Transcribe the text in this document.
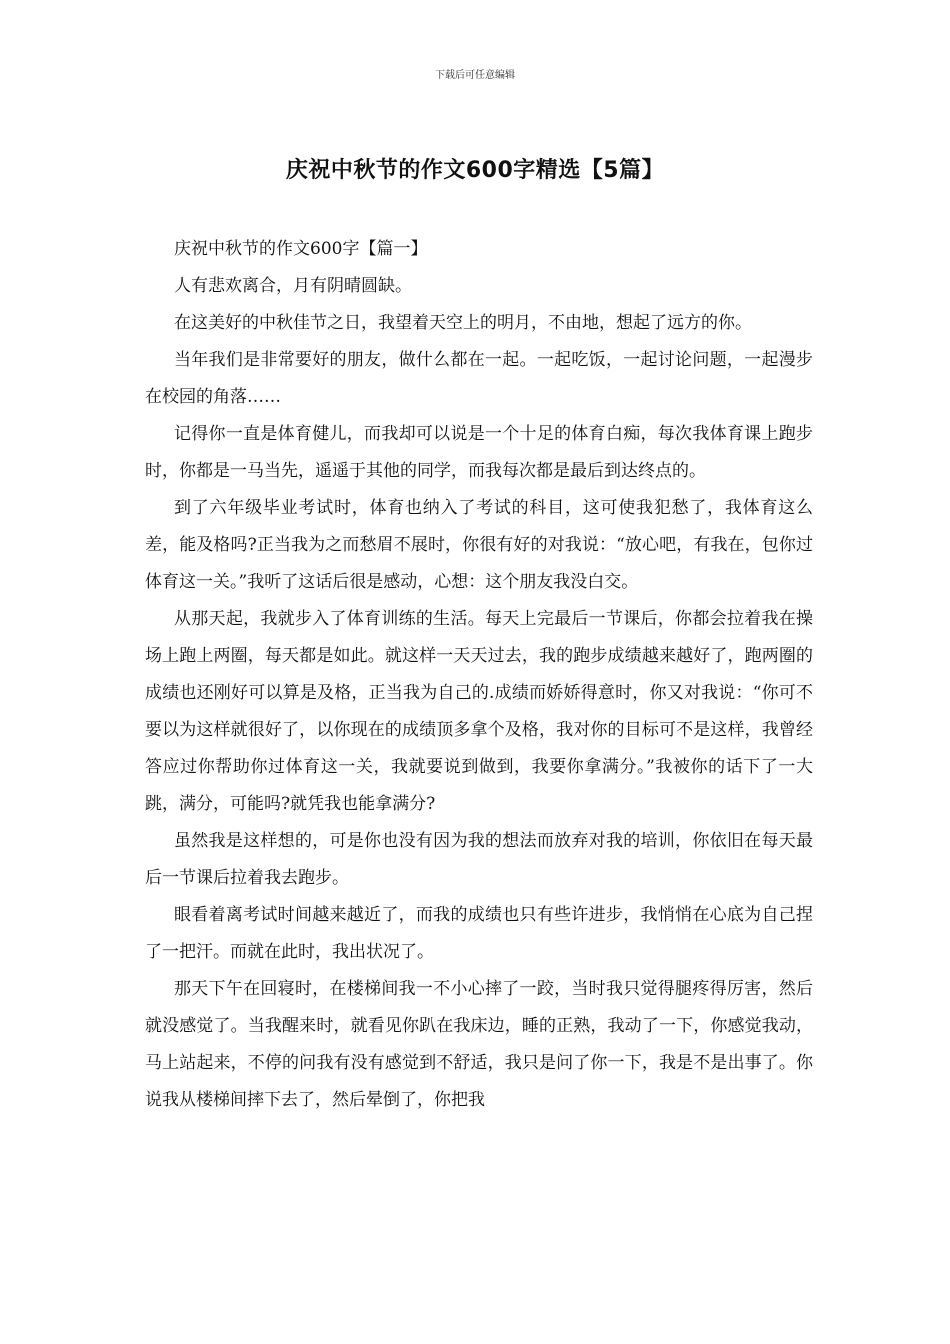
下载后可任意编辑
庆祝中秋节的作文600字精选【5篇】

庆祝中秋节的作文600字【篇一】

人有悲欢离合，月有阴晴圆缺。

在这美好的中秋佳节之日，我望着天空上的明月，不由地，想起了远方的你。

当年我们是非常要好的朋友，做什么都在一起。一起吃饭，一起讨论问题，一起漫步在校园的角落……

记得你一直是体育健儿，而我却可以说是一个十足的体育白痴，每次我体育课上跑步时，你都是一马当先，遥遥于其他的同学，而我每次都是最后到达终点的。

到了六年级毕业考试时，体育也纳入了考试的科目，这可使我犯愁了，我体育这么差，能及格吗?正当我为之而愁眉不展时，你很有好的对我说：“放心吧，有我在，包你过体育这一关。”我听了这话后很是感动，心想：这个朋友我没白交。

从那天起，我就步入了体育训练的生活。每天上完最后一节课后，你都会拉着我在操场上跑上两圈，每天都是如此。就这样一天天过去，我的跑步成绩越来越好了，跑两圈的成绩也还刚好可以算是及格，正当我为自己的.成绩而娇娇得意时，你又对我说：“你可不要以为这样就很好了，以你现在的成绩顶多拿个及格，我对你的目标可不是这样，我曾经答应过你帮助你过体育这一关，我就要说到做到，我要你拿满分。”我被你的话下了一大跳，满分，可能吗?就凭我也能拿满分?

虽然我是这样想的，可是你也没有因为我的想法而放弃对我的培训，你依旧在每天最后一节课后拉着我去跑步。

眼看着离考试时间越来越近了，而我的成绩也只有些许进步，我悄悄在心底为自己捏了一把汗。而就在此时，我出状况了。

那天下午在回寝时，在楼梯间我一不小心摔了一跤，当时我只觉得腿疼得厉害，然后就没感觉了。当我醒来时，就看见你趴在我床边，睡的正熟，我动了一下，你感觉我动，马上站起来，不停的问我有没有感觉到不舒适，我只是问了你一下，我是不是出事了。你说我从楼梯间摔下去了，然后晕倒了，你把我
